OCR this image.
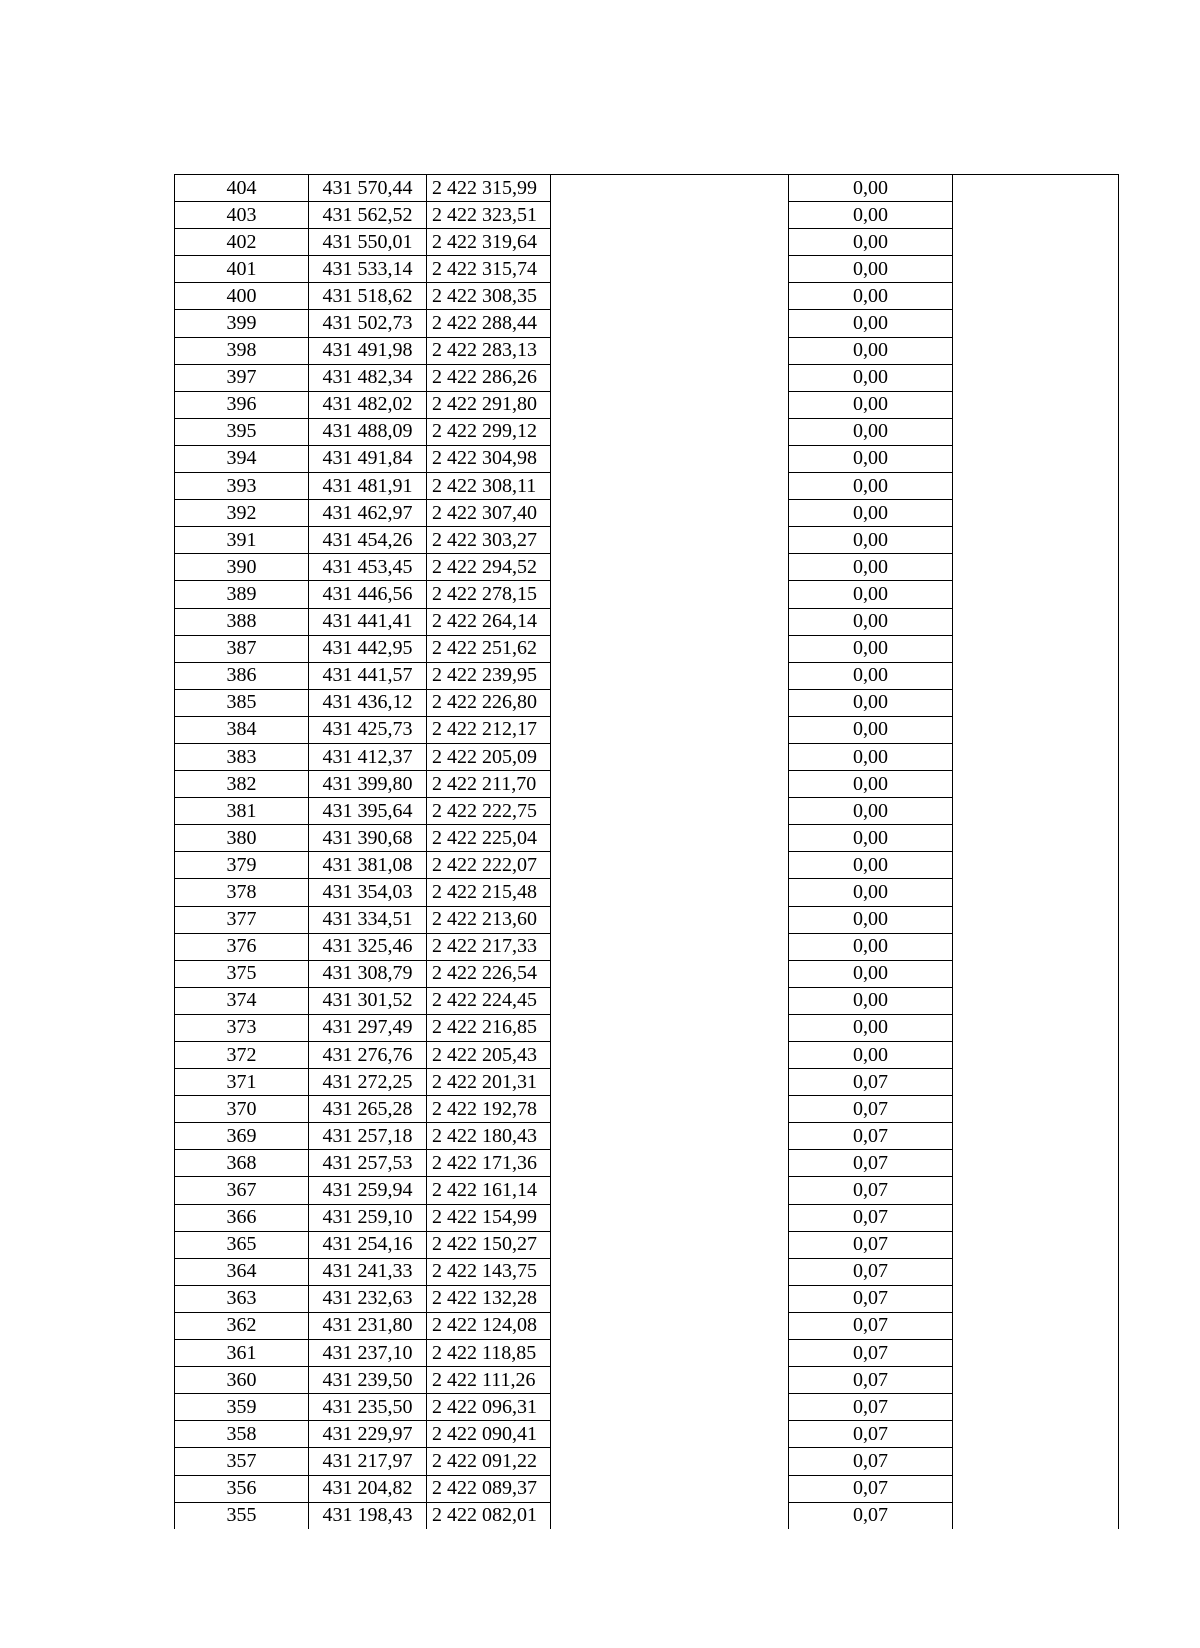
404	431 570,44	2 422 315,99		0,00	
403	431 562,52	2 422 323,51		0,00	
402	431 550,01	2 422 319,64		0,00	
401	431 533,14	2 422 315,74		0,00	
400	431 518,62	2 422 308,35		0,00	
399	431 502,73	2 422 288,44		0,00	
398	431 491,98	2 422 283,13		0,00	
397	431 482,34	2 422 286,26		0,00	
396	431 482,02	2 422 291,80		0,00	
395	431 488,09	2 422 299,12		0,00	
394	431 491,84	2 422 304,98		0,00	
393	431 481,91	2 422 308,11		0,00	
392	431 462,97	2 422 307,40		0,00	
391	431 454,26	2 422 303,27		0,00	
390	431 453,45	2 422 294,52		0,00	
389	431 446,56	2 422 278,15		0,00	
388	431 441,41	2 422 264,14		0,00	
387	431 442,95	2 422 251,62		0,00	
386	431 441,57	2 422 239,95		0,00	
385	431 436,12	2 422 226,80		0,00	
384	431 425,73	2 422 212,17		0,00	
383	431 412,37	2 422 205,09		0,00	
382	431 399,80	2 422 211,70		0,00	
381	431 395,64	2 422 222,75		0,00	
380	431 390,68	2 422 225,04		0,00	
379	431 381,08	2 422 222,07		0,00	
378	431 354,03	2 422 215,48		0,00	
377	431 334,51	2 422 213,60		0,00	
376	431 325,46	2 422 217,33		0,00	
375	431 308,79	2 422 226,54		0,00	
374	431 301,52	2 422 224,45		0,00	
373	431 297,49	2 422 216,85		0,00	
372	431 276,76	2 422 205,43		0,00	
371	431 272,25	2 422 201,31		0,07	
370	431 265,28	2 422 192,78		0,07	
369	431 257,18	2 422 180,43		0,07	
368	431 257,53	2 422 171,36		0,07	
367	431 259,94	2 422 161,14		0,07	
366	431 259,10	2 422 154,99		0,07	
365	431 254,16	2 422 150,27		0,07	
364	431 241,33	2 422 143,75		0,07	
363	431 232,63	2 422 132,28		0,07	
362	431 231,80	2 422 124,08		0,07	
361	431 237,10	2 422 118,85		0,07	
360	431 239,50	2 422 111,26		0,07	
359	431 235,50	2 422 096,31		0,07	
358	431 229,97	2 422 090,41		0,07	
357	431 217,97	2 422 091,22		0,07	
356	431 204,82	2 422 089,37		0,07	
355	431 198,43	2 422 082,01		0,07	
